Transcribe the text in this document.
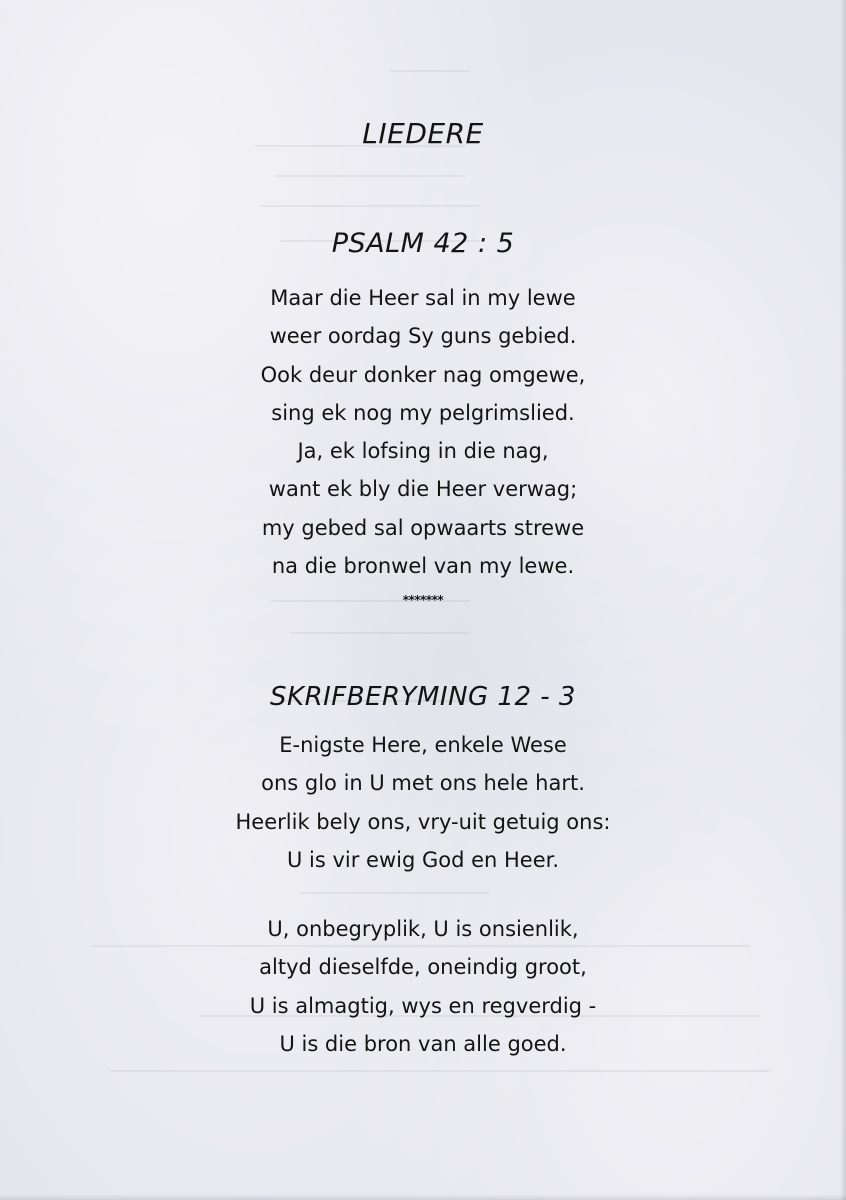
LIEDERE
PSALM 42 : 5
Maar die Heer sal in my lewe
weer oordag Sy guns gebied.
Ook deur donker nag omgewe,
sing ek nog my pelgrimslied.
Ja, ek lofsing in die nag,
want ek bly die Heer verwag;
my gebed sal opwaarts strewe
na die bronwel van my lewe.
*******
SKRIFBERYMING 12 - 3
E-nigste Here, enkele Wese
ons glo in U met ons hele hart.
Heerlik bely ons, vry-uit getuig ons:
U is vir ewig God en Heer.
U, onbegryplik, U is onsienlik,
altyd dieselfde, oneindig groot,
U is almagtig, wys en regverdig -
U is die bron van alle goed.
